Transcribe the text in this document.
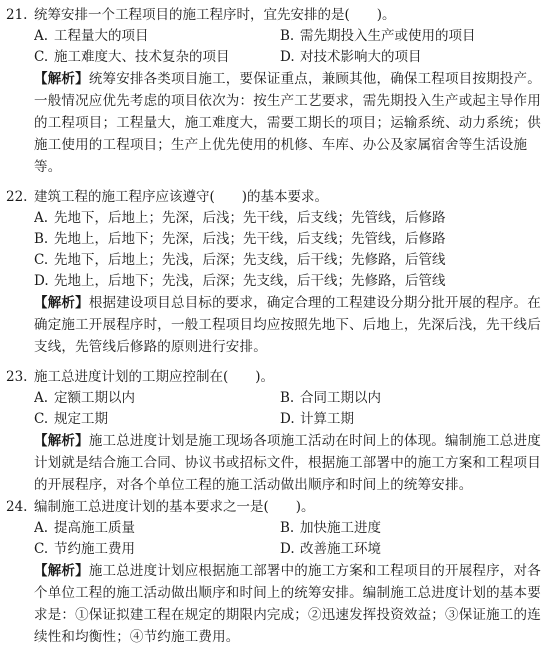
21. 统筹安排一个工程项目的施工程序时，宜先安排的是(　　)。
A. 工程量大的项目	B. 需先期投入生产或使用的项目
C. 施工难度大、技术复杂的项目	D. 对技术影响大的项目
【解析】统筹安排各类项目施工，要保证重点，兼顾其他，确保工程项目按期投产。一般情况应优先考虑的项目依次为：按生产工艺要求，需先期投入生产或起主导作用的工程项目；工程量大，施工难度大，需要工期长的项目；运输系统、动力系统；供施工使用的工程项目；生产上优先使用的机修、车库、办公及家属宿舍等生活设施等。
22. 建筑工程的施工程序应该遵守(　　)的基本要求。
A. 先地下，后地上；先深，后浅；先干线，后支线；先管线，后修路
B. 先地上，后地下；先深，后浅；先干线，后支线；先管线，后修路
C. 先地下，后地上；先浅，后深；先支线，后干线；先修路，后管线
D. 先地上，后地下；先浅，后深；先支线，后干线；先修路，后管线
【解析】根据建设项目总目标的要求，确定合理的工程建设分期分批开展的程序。在确定施工开展程序时，一般工程项目均应按照先地下、后地上，先深后浅，先干线后支线，先管线后修路的原则进行安排。
23. 施工总进度计划的工期应控制在(　　)。
A. 定额工期以内	B. 合同工期以内
C. 规定工期	D. 计算工期
【解析】施工总进度计划是施工现场各项施工活动在时间上的体现。编制施工总进度计划就是结合施工合同、协议书或招标文件，根据施工部署中的施工方案和工程项目的开展程序，对各个单位工程的施工活动做出顺序和时间上的统筹安排。
24. 编制施工总进度计划的基本要求之一是(　　)。
A. 提高施工质量	B. 加快施工进度
C. 节约施工费用	D. 改善施工环境
【解析】施工总进度计划应根据施工部署中的施工方案和工程项目的开展程序，对各个单位工程的施工活动做出顺序和时间上的统筹安排。编制施工总进度计划的基本要求是：①保证拟建工程在规定的期限内完成；②迅速发挥投资效益；③保证施工的连续性和均衡性；④节约施工费用。
